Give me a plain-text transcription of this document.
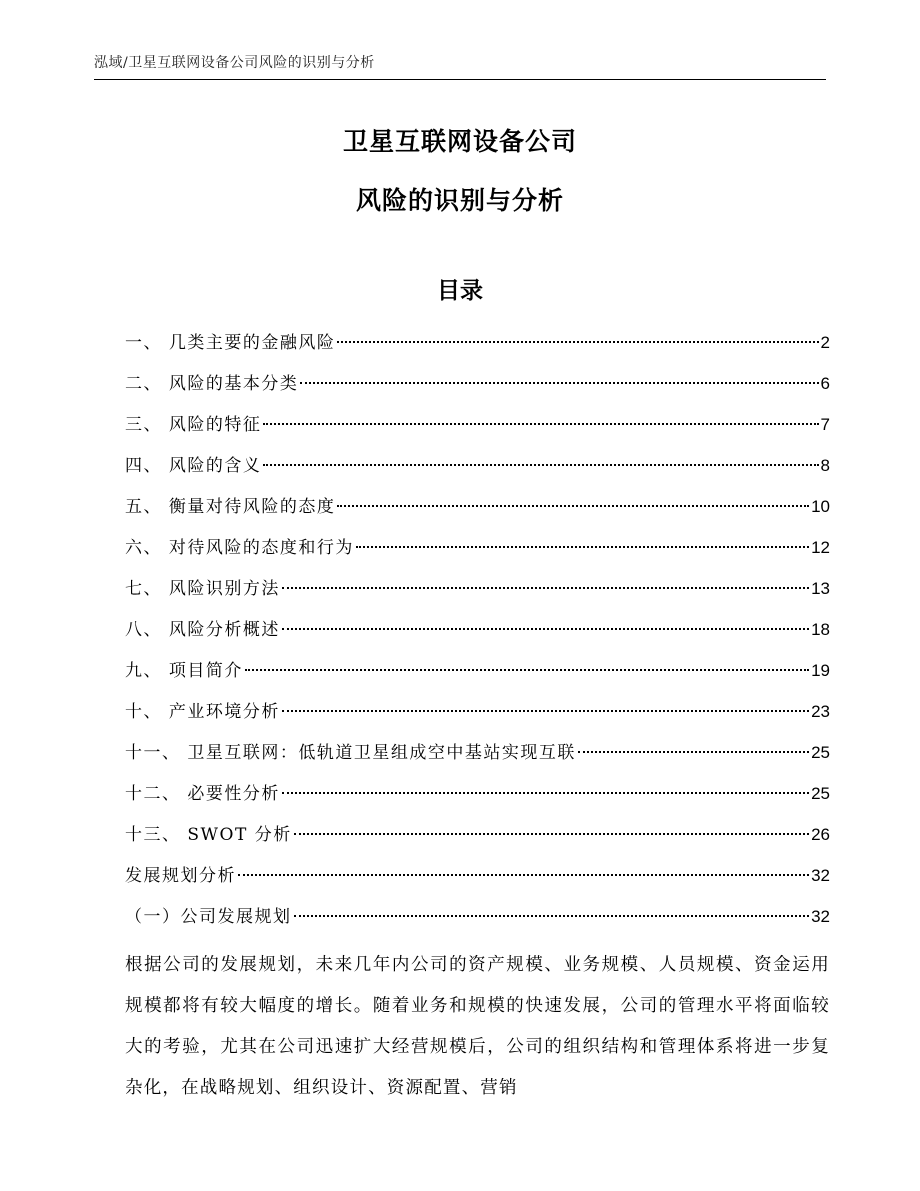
泓域/卫星互联网设备公司风险的识别与分析
卫星互联网设备公司
风险的识别与分析
目录
一、 几类主要的金融风险	2
二、 风险的基本分类	6
三、 风险的特征	7
四、 风险的含义	8
五、 衡量对待风险的态度	10
六、 对待风险的态度和行为	12
七、 风险识别方法	13
八、 风险分析概述	18
九、 项目简介	19
十、 产业环境分析	23
十一、 卫星互联网：低轨道卫星组成空中基站实现互联	25
十二、 必要性分析	25
十三、 SWOT 分析	26
发展规划分析	32
（一）公司发展规划	32

根据公司的发展规划，未来几年内公司的资产规模、业务规模、人员规模、资金运用规模都将有较大幅度的增长。随着业务和规模的快速发展，公司的管理水平将面临较大的考验，尤其在公司迅速扩大经营规模后，公司的组织结构和管理体系将进一步复杂化，在战略规划、组织设计、资源配置、营销
